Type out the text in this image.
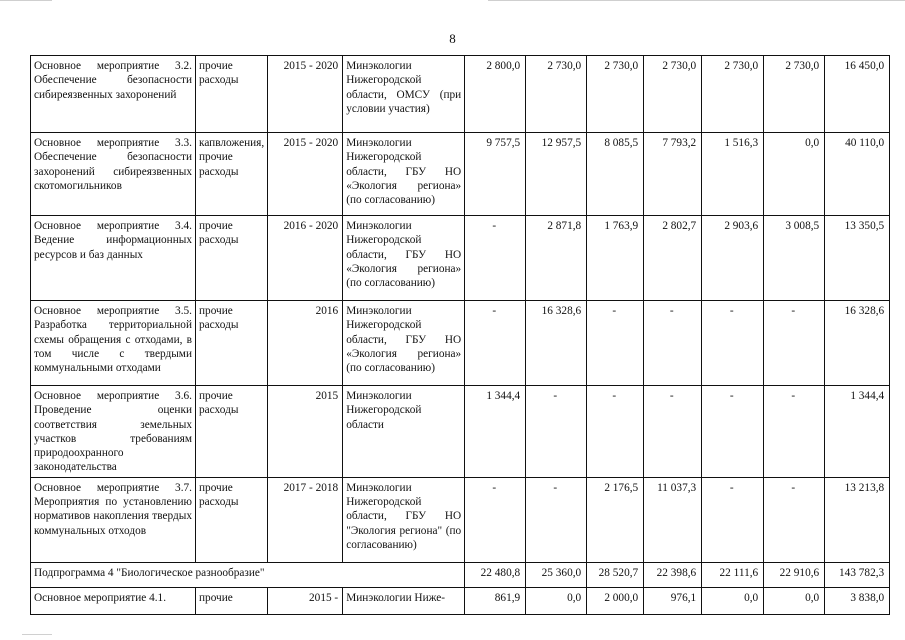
8
Основное мероприятие 3.2. Обеспечение безопасности сибиреязвенных захоронений	прочие расходы	2015 - 2020	Минэкологии Нижегородской области, ОМСУ (при условии участия)	2 800,0	2 730,0	2 730,0	2 730,0	2 730,0	2 730,0	16 450,0
Основное мероприятие 3.3. Обеспечение безопасности захоронений сибиреязвенных скотомогильников	капвложения, прочие расходы	2015 - 2020	Минэкологии Нижегородской области, ГБУ НО «Экология региона» (по согласованию)	9 757,5	12 957,5	8 085,5	7 793,2	1 516,3	0,0	40 110,0
Основное мероприятие 3.4. Ведение информационных ресурсов и баз данных	прочие расходы	2016 - 2020	Минэкологии Нижегородской области, ГБУ НО «Экология региона» (по согласованию)	-	2 871,8	1 763,9	2 802,7	2 903,6	3 008,5	13 350,5
Основное мероприятие 3.5. Разработка территориальной схемы обращения с отходами, в том числе с твердыми коммунальными отходами	прочие расходы	2016	Минэкологии Нижегородской области, ГБУ НО «Экология региона» (по согласованию)	-	16 328,6	-	-	-	-	16 328,6
Основное мероприятие 3.6. Проведение оценки соответствия земельных участков требованиям природоохранного законодательства	прочие расходы	2015	Минэкологии Нижегородской области	1 344,4	-	-	-	-	-	1 344,4
Основное мероприятие 3.7. Мероприятия по установлению нормативов накопления твердых коммунальных отходов	прочие расходы	2017 - 2018	Минэкологии Нижегородской области, ГБУ НО "Экология региона" (по согласованию)	-	-	2 176,5	11 037,3	-	-	13 213,8
Подпрограмма 4 "Биологическое разнообразие"				22 480,8	25 360,0	28 520,7	22 398,6	22 111,6	22 910,6	143 782,3
Основное мероприятие 4.1.	прочие	2015 -	Минэкологии Ниже-	861,9	0,0	2 000,0	976,1	0,0	0,0	3 838,0
